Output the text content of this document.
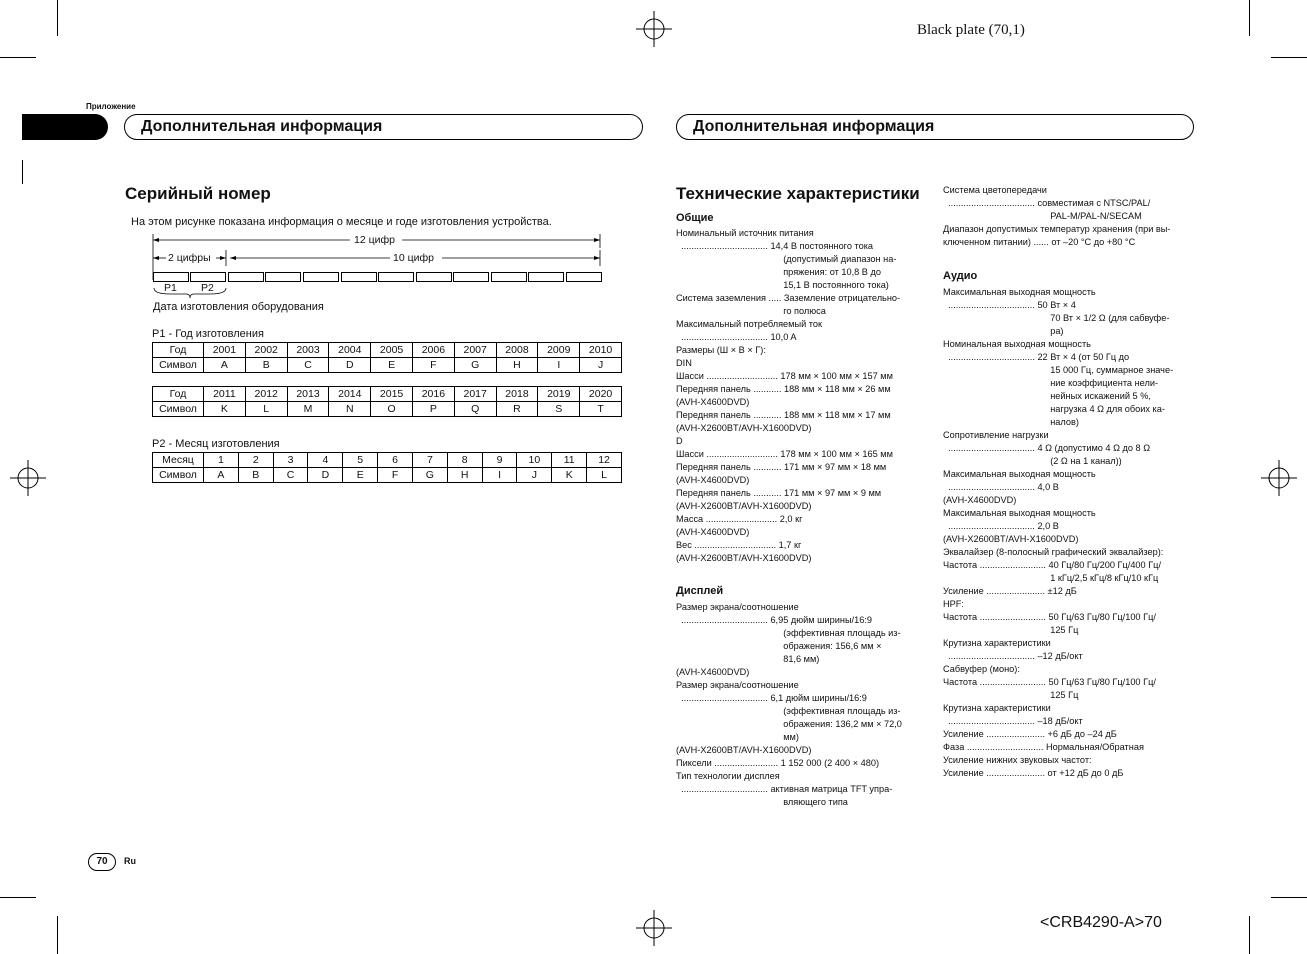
Black plate (70,1)
<CRB4290-A>70
Приложение
Дополнительная информация	Дополнительная информация
Серийный номер
На этом рисунке показана информация о месяце и годе изготовления устройства.
12 цифр
2 цифры	10 цифр
P1 P2
Дата изготовления оборудования
P1 - Год изготовления
Год	2001	2002	2003	2004	2005	2006	2007	2008	2009	2010
Символ	A	B	C	D	E	F	G	H	I	J
Год	2011	2012	2013	2014	2015	2016	2017	2018	2019	2020
Символ	K	L	M	N	O	P	Q	R	S	T
P2 - Месяц изготовления
Месяц	1	2	3	4	5	6	7	8	9	10	11	12
Символ	A	B	C	D	E	F	G	H	I	J	K	L
70	Ru
Технические характеристики
Общие
Номинальный источник питания
.................................. 14,4 В постоянного тока
(допустимый диапазон на-
пряжения: от 10,8 В до
15,1 В постоянного тока)
Система заземления ..... Заземление отрицательно-
го полюса
Максимальный потребляемый ток
.................................. 10,0 A
Размеры (Ш × В × Г):
DIN
Шасси ............................ 178 мм × 100 мм × 157 мм
Передняя панель ........... 188 мм × 118 мм × 26 мм
(AVH-X4600DVD)
Передняя панель ........... 188 мм × 118 мм × 17 мм
(AVH-X2600BT/AVH-X1600DVD)
D
Шасси ............................ 178 мм × 100 мм × 165 мм
Передняя панель ........... 171 мм × 97 мм × 18 мм
(AVH-X4600DVD)
Передняя панель ........... 171 мм × 97 мм × 9 мм
(AVH-X2600BT/AVH-X1600DVD)
Масса ............................ 2,0 кг
(AVH-X4600DVD)
Вес ................................ 1,7 кг
(AVH-X2600BT/AVH-X1600DVD)
Дисплей
Размер экрана/соотношение
.................................. 6,95 дюйм ширины/16:9
(эффективная площадь из-
ображения: 156,6 мм ×
81,6 мм)
(AVH-X4600DVD)
Размер экрана/соотношение
.................................. 6,1 дюйм ширины/16:9
(эффективная площадь из-
ображения: 136,2 мм × 72,0
мм)
(AVH-X2600BT/AVH-X1600DVD)
Пиксели ......................... 1 152 000 (2 400 × 480)
Тип технологии дисплея
.................................. активная матрица TFT упра-
вляющего типа
Система цветопередачи
.................................. совместимая с NTSC/PAL/
PAL-M/PAL-N/SECAM
Диапазон допустимых температур хранения (при вы-
ключенном питании) ...... от –20 °C до +80 °C
Аудио
Максимальная выходная мощность
.................................. 50 Вт × 4
70 Вт × 1/2 Ω (для сабвуфе-
ра)
Номинальная выходная мощность
.................................. 22 Вт × 4 (от 50 Гц до
15 000 Гц, суммарное значе-
ние коэффициента нели-
нейных искажений 5 %,
нагрузка 4 Ω для обоих ка-
налов)
Сопротивление нагрузки
.................................. 4 Ω (допустимо 4 Ω до 8 Ω
(2 Ω на 1 канал))
Максимальная выходная мощность
.................................. 4,0 В
(AVH-X4600DVD)
Максимальная выходная мощность
.................................. 2,0 В
(AVH-X2600BT/AVH-X1600DVD)
Эквалайзер (8-полосный графический эквалайзер):
Частота .......................... 40 Гц/80 Гц/200 Гц/400 Гц/
1 кГц/2,5 кГц/8 кГц/10 кГц
Усиление ....................... ±12 дБ
HPF:
Частота .......................... 50 Гц/63 Гц/80 Гц/100 Гц/
125 Гц
Крутизна характеристики
.................................. –12 дБ/окт
Сабвуфер (моно):
Частота .......................... 50 Гц/63 Гц/80 Гц/100 Гц/
125 Гц
Крутизна характеристики
.................................. –18 дБ/окт
Усиление ....................... +6 дБ до –24 дБ
Фаза .............................. Нормальная/Обратная
Усиление нижних звуковых частот:
Усиление ....................... от +12 дБ до 0 дБ
